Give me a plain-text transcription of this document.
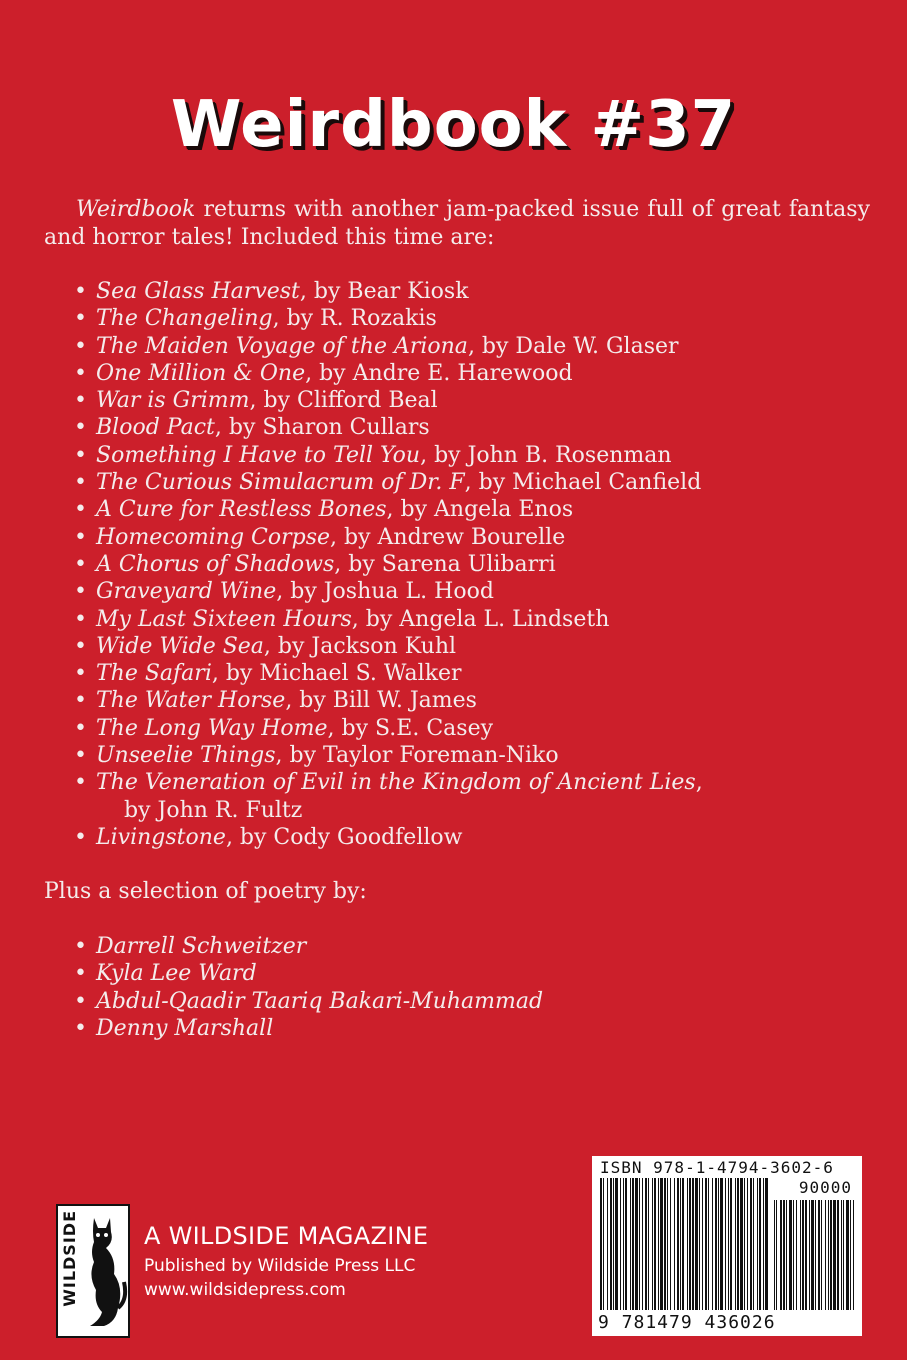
Weirdbook #37

Weirdbook returns with another jam-packed issue full of great fantasy and horror tales! Included this time are:

• Sea Glass Harvest, by Bear Kiosk
• The Changeling, by R. Rozakis
• The Maiden Voyage of the Ariona, by Dale W. Glaser
• One Million & One, by Andre E. Harewood
• War is Grimm, by Clifford Beal
• Blood Pact, by Sharon Cullars
• Something I Have to Tell You, by John B. Rosenman
• The Curious Simulacrum of Dr. F, by Michael Canfield
• A Cure for Restless Bones, by Angela Enos
• Homecoming Corpse, by Andrew Bourelle
• A Chorus of Shadows, by Sarena Ulibarri
• Graveyard Wine, by Joshua L. Hood
• My Last Sixteen Hours, by Angela L. Lindseth
• Wide Wide Sea, by Jackson Kuhl
• The Safari, by Michael S. Walker
• The Water Horse, by Bill W. James
• The Long Way Home, by S.E. Casey
• Unseelie Things, by Taylor Foreman-Niko
• The Veneration of Evil in the Kingdom of Ancient Lies,
by John R. Fultz
• Livingstone, by Cody Goodfellow

Plus a selection of poetry by:

• Darrell Schweitzer
• Kyla Lee Ward
• Abdul-Qaadir Taariq Bakari-Muhammad
• Denny Marshall
WILDSIDE	A WILDSIDE MAGAZINE
Published by Wildside Press LLC
www.wildsidepress.com
ISBN 978-1-4794-3602-6
90000
9 781479 436026
